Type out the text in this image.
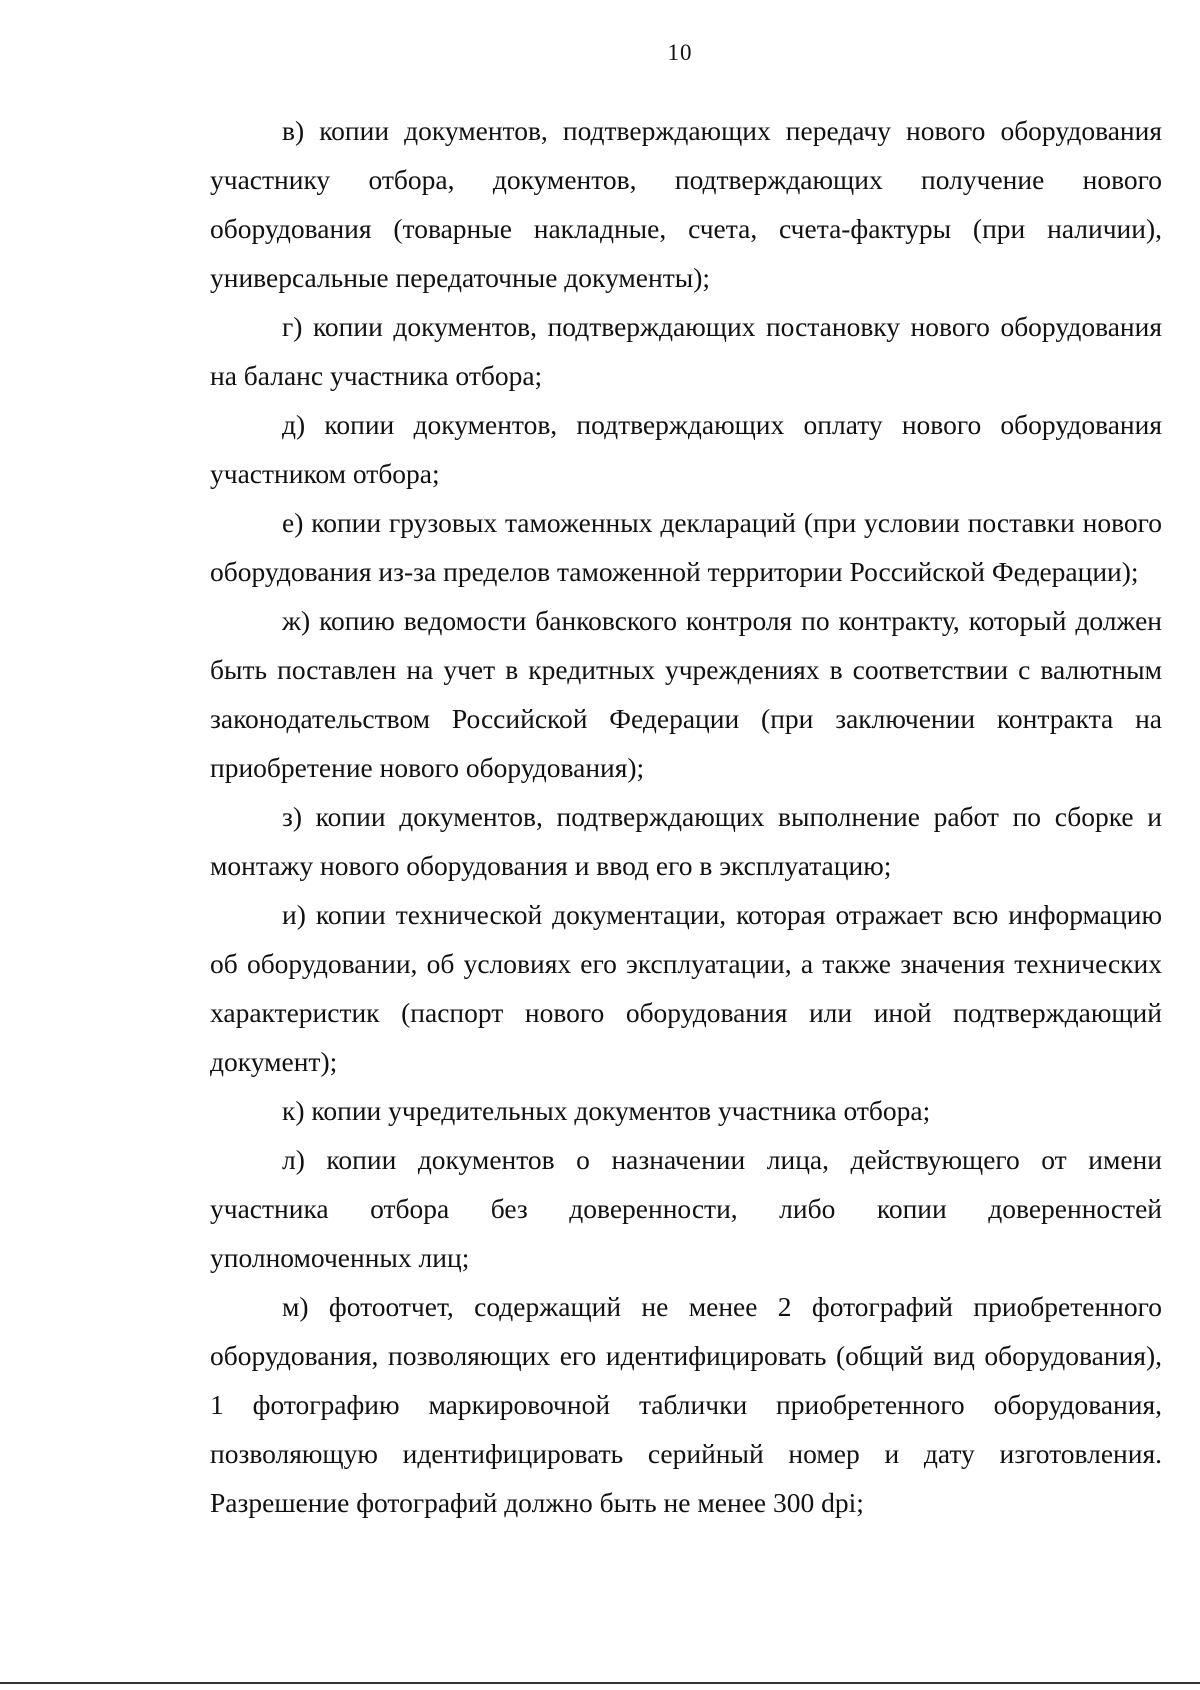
10

в) копии документов, подтверждающих передачу нового оборудования участнику отбора, документов, подтверждающих получение нового оборудования (товарные накладные, счета, счета-фактуры (при наличии), универсальные передаточные документы);

г) копии документов, подтверждающих постановку нового оборудования на баланс участника отбора;

д) копии документов, подтверждающих оплату нового оборудования участником отбора;

е) копии грузовых таможенных деклараций (при условии поставки нового оборудования из-за пределов таможенной территории Российской Федерации);

ж) копию ведомости банковского контроля по контракту, который должен быть поставлен на учет в кредитных учреждениях в соответствии с валютным законодательством Российской Федерации (при заключении контракта на приобретение нового оборудования);

з) копии документов, подтверждающих выполнение работ по сборке и монтажу нового оборудования и ввод его в эксплуатацию;

и) копии технической документации, которая отражает всю информацию об оборудовании, об условиях его эксплуатации, а также значения технических характеристик (паспорт нового оборудования или иной подтверждающий документ);

к) копии учредительных документов участника отбора;

л) копии документов о назначении лица, действующего от имени участника отбора без доверенности, либо копии доверенностей уполномоченных лиц;

м) фотоотчет, содержащий не менее 2 фотографий приобретенного оборудования, позволяющих его идентифицировать (общий вид оборудования), 1 фотографию маркировочной таблички приобретенного оборудования, позволяющую идентифицировать серийный номер и дату изготовления. Разрешение фотографий должно быть не менее 300 dpi;
